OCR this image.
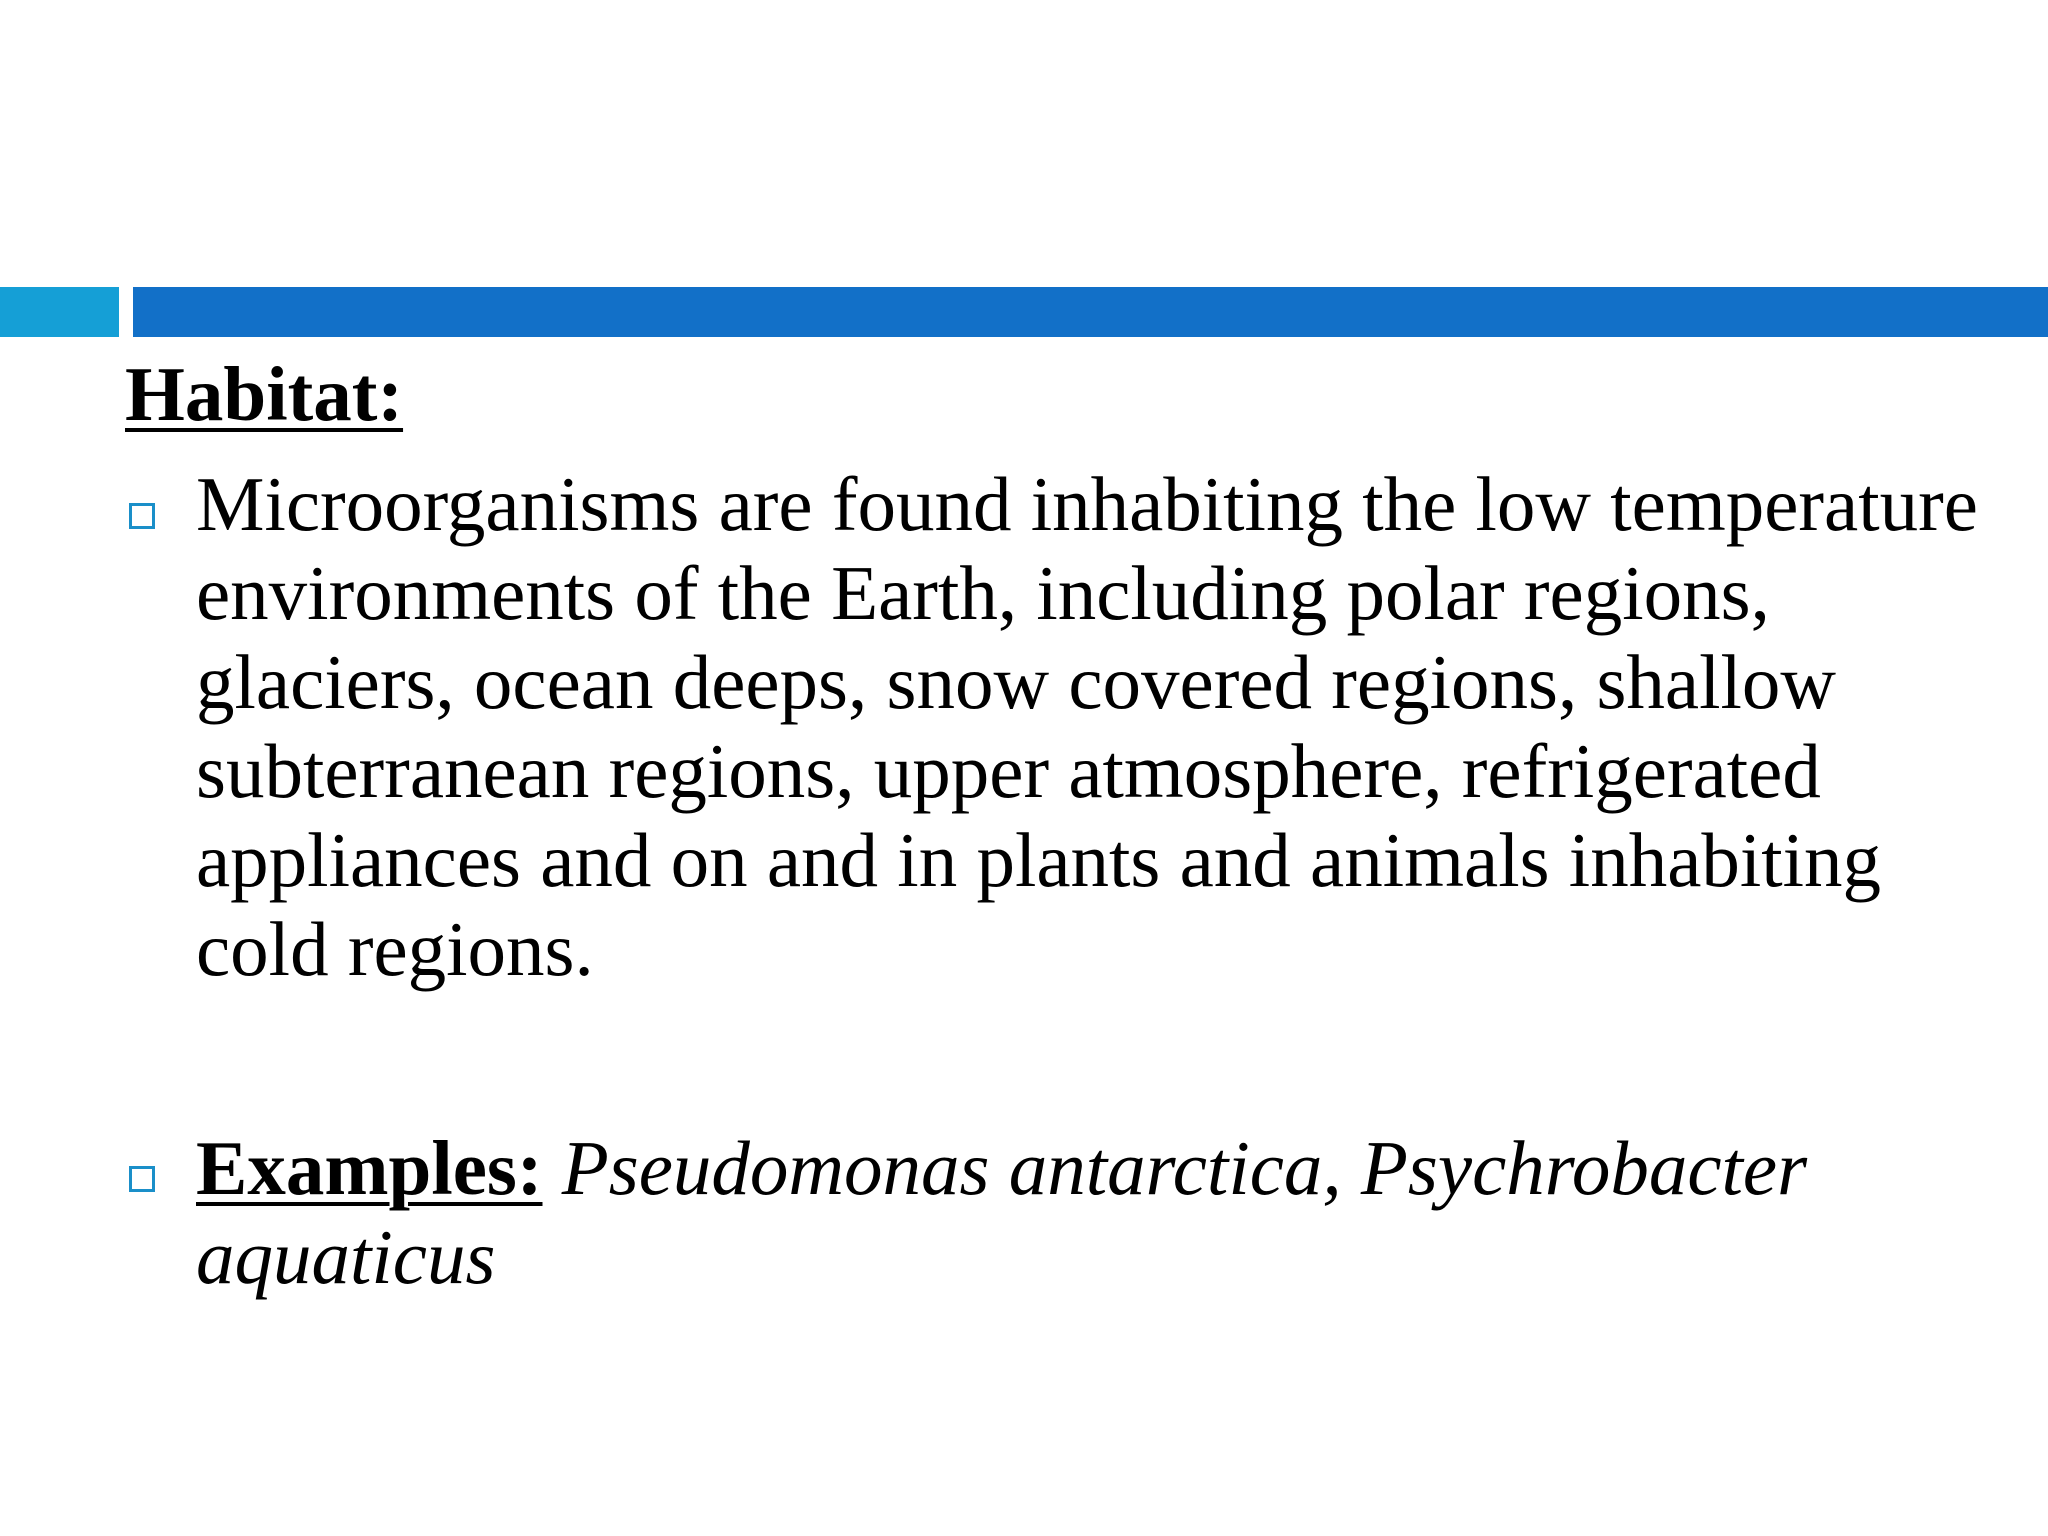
Habitat:
Microorganisms are found inhabiting the low temperature environments of the Earth, including polar regions, glaciers, ocean deeps, snow covered regions, shallow subterranean regions, upper atmosphere, refrigerated appliances and on and in plants and animals inhabiting cold regions.
Examples: Pseudomonas antarctica, Psychrobacter aquaticus
